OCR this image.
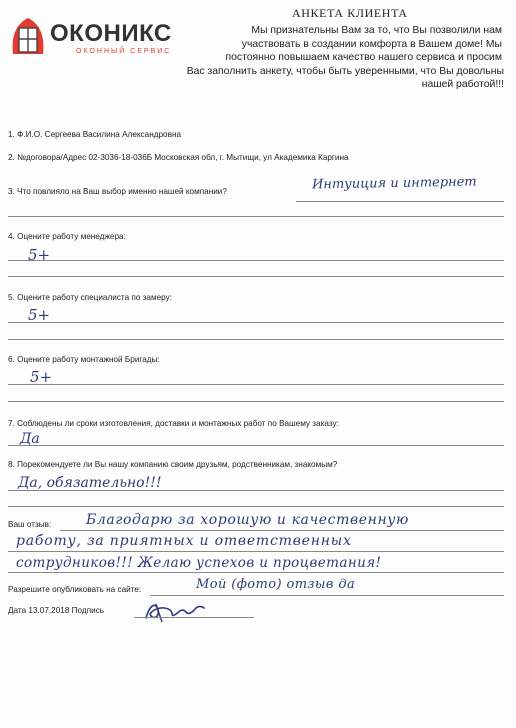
ОКОНИКС
ОКОННЫЙ СЕРВИС
АНКЕТА КЛИЕНТА
Мы признательны Вам за то, что Вы позволили нам
участвовать в создании комфорта в Вашем доме! Мы
постоянно повышаем качество нашего сервиса и просим
Вас заполнить анкету, чтобы быть уверенными, что Вы довольны нашей работой!!!
1. Ф.И.О. Сергеева Василина Александровна
2. №договора/Адрес 02-3036-18-036Б Московская обл, г. Мытищи, ул Академика Каргина
3. Что повлияло на Ваш выбор именно нашей компании?	Интуиция и интернет
4. Оцените работу менеджера:
5+
5. Оцените работу специалиста по замеру:
5+
6. Оцените работу монтажной Бригады:
5+
7. Соблюдены ли сроки изготовления, доставки и монтажных работ по Вашему заказу:
Да
8. Порекомендуете ли Вы нашу компанию своим друзьям, родственникам, знакомым?
Да, обязательно!!!
Ваш отзыв: Благодарю за хорошую и качественную
работу, за приятных и ответственных
сотрудников!!! Желаю успехов и процветания!
Разрешите опубликовать на сайте:	Мой (фото) отзыв да
Дата 13.07.2018 Подпись
